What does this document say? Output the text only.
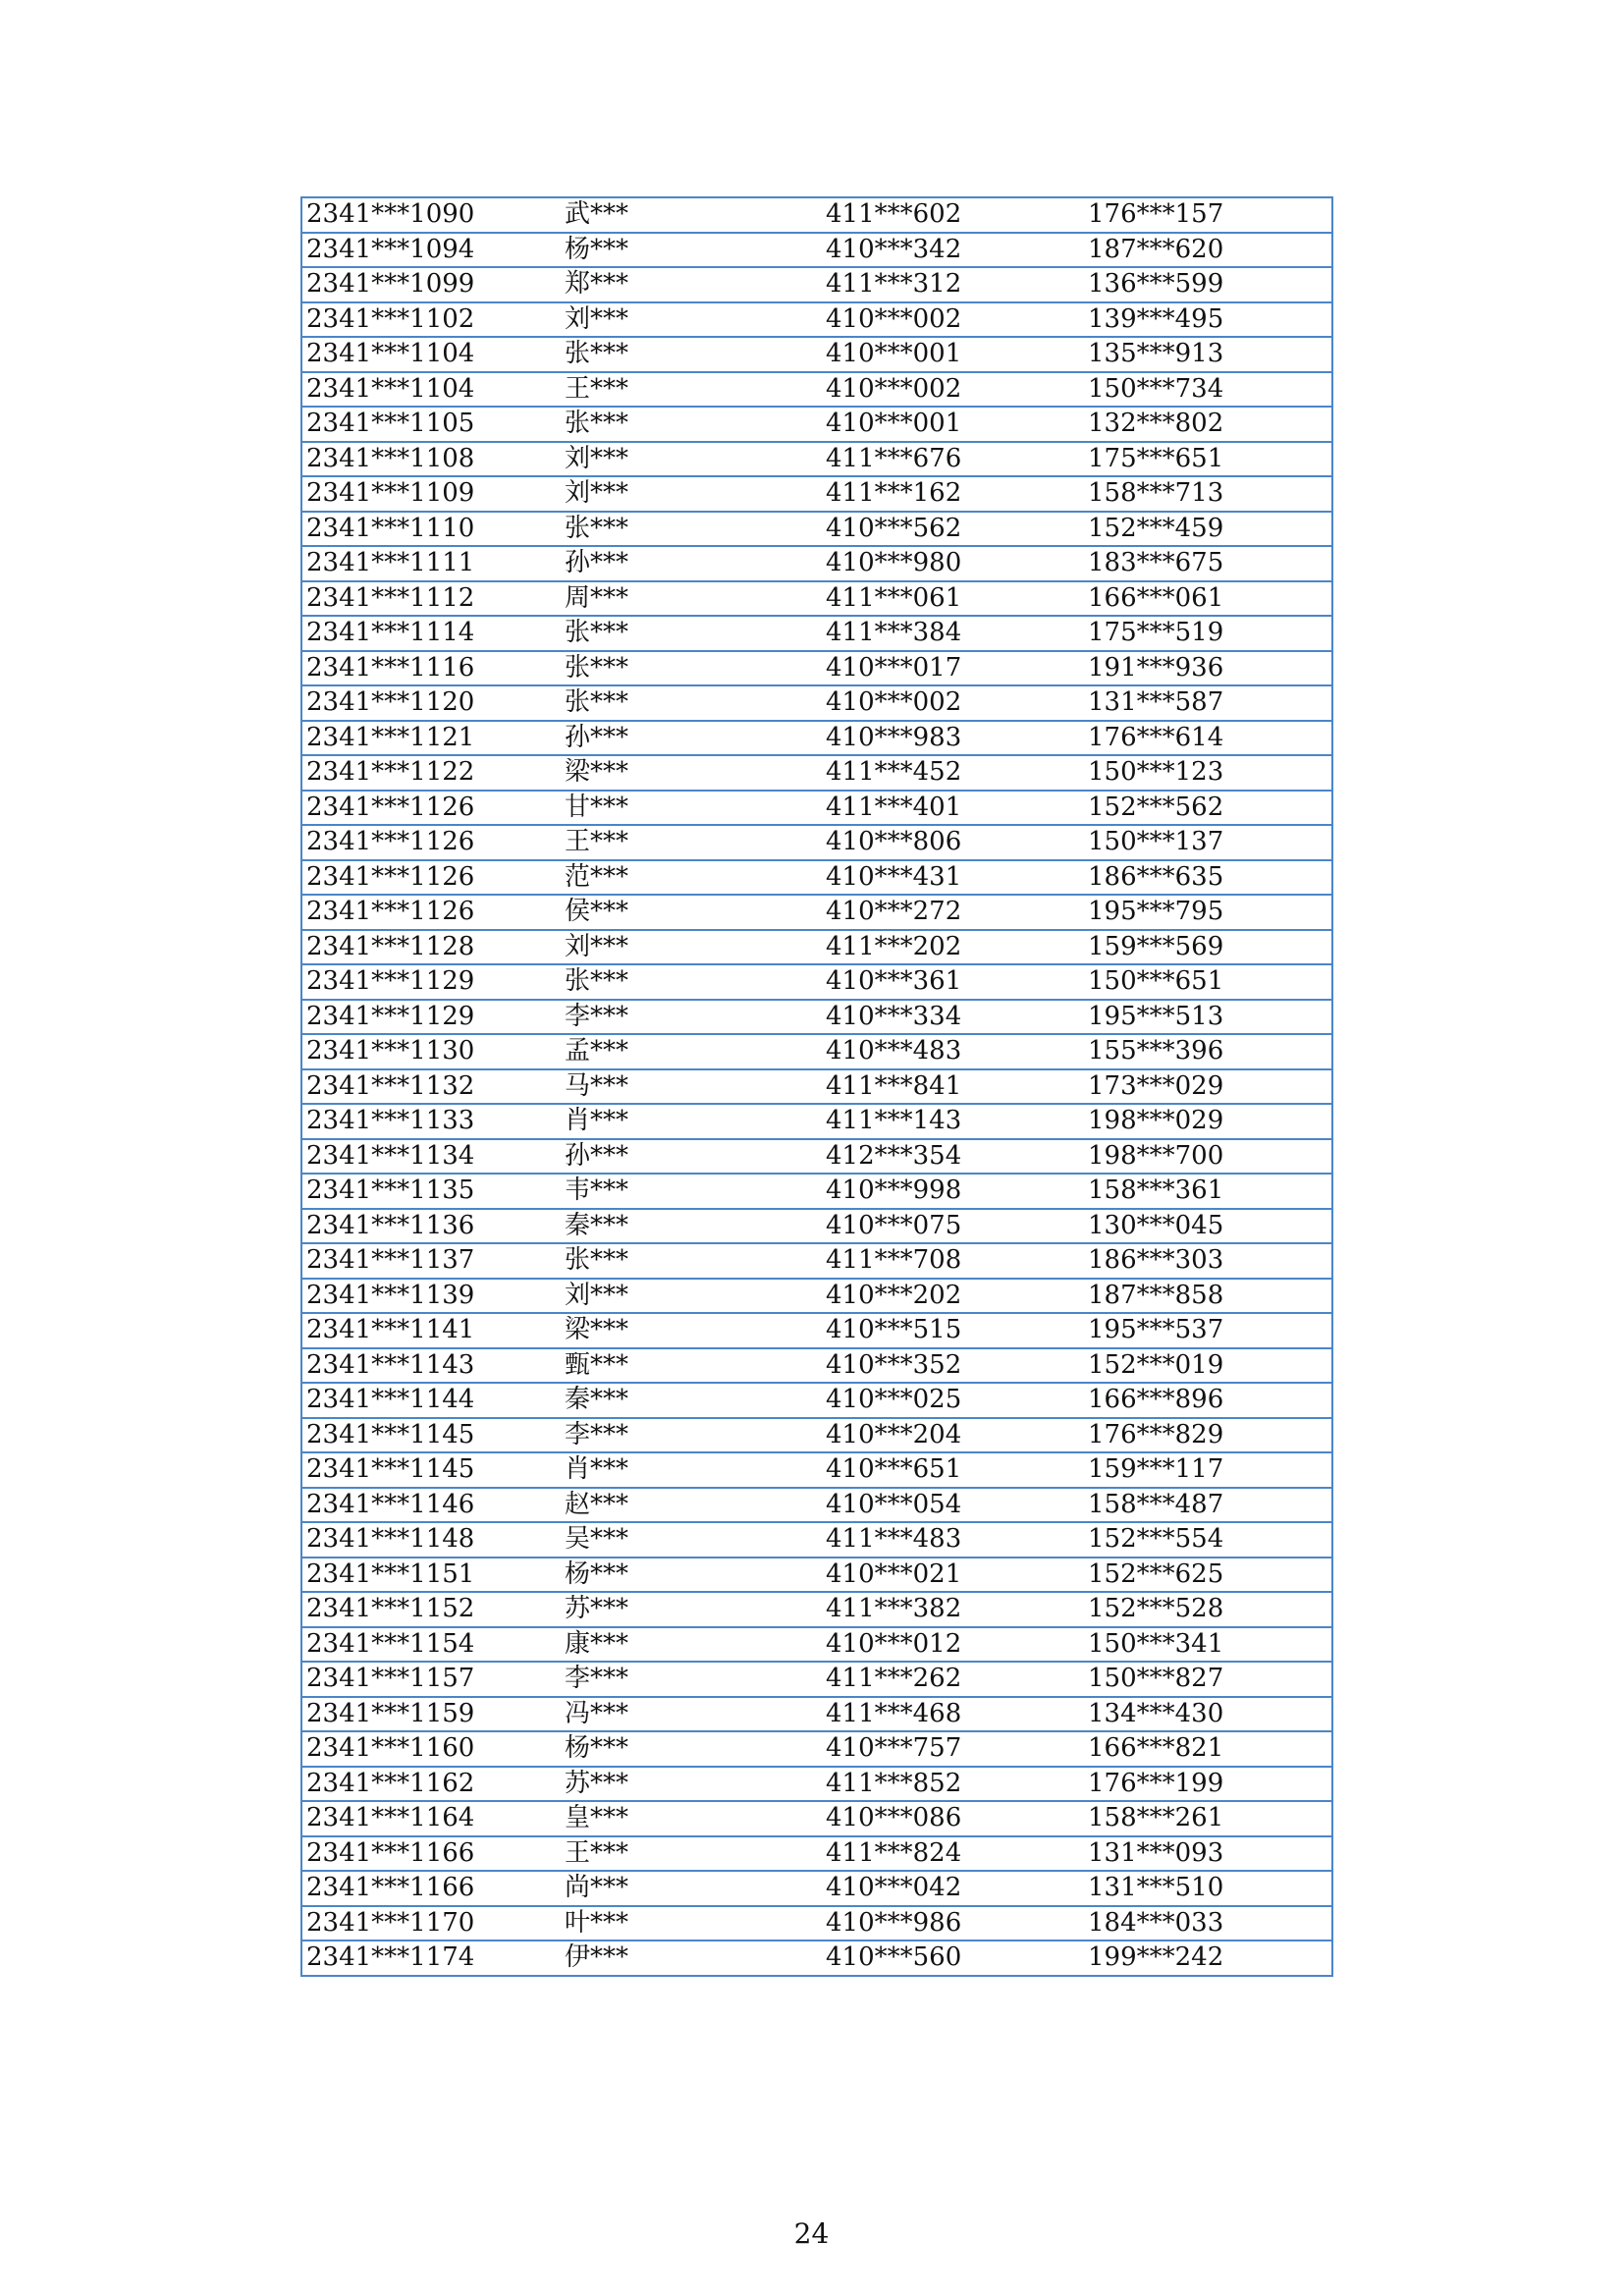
2341***1090	武***	411***602	176***157
2341***1094	杨***	410***342	187***620
2341***1099	郑***	411***312	136***599
2341***1102	刘***	410***002	139***495
2341***1104	张***	410***001	135***913
2341***1104	王***	410***002	150***734
2341***1105	张***	410***001	132***802
2341***1108	刘***	411***676	175***651
2341***1109	刘***	411***162	158***713
2341***1110	张***	410***562	152***459
2341***1111	孙***	410***980	183***675
2341***1112	周***	411***061	166***061
2341***1114	张***	411***384	175***519
2341***1116	张***	410***017	191***936
2341***1120	张***	410***002	131***587
2341***1121	孙***	410***983	176***614
2341***1122	梁***	411***452	150***123
2341***1126	甘***	411***401	152***562
2341***1126	王***	410***806	150***137
2341***1126	范***	410***431	186***635
2341***1126	侯***	410***272	195***795
2341***1128	刘***	411***202	159***569
2341***1129	张***	410***361	150***651
2341***1129	李***	410***334	195***513
2341***1130	孟***	410***483	155***396
2341***1132	马***	411***841	173***029
2341***1133	肖***	411***143	198***029
2341***1134	孙***	412***354	198***700
2341***1135	韦***	410***998	158***361
2341***1136	秦***	410***075	130***045
2341***1137	张***	411***708	186***303
2341***1139	刘***	410***202	187***858
2341***1141	梁***	410***515	195***537
2341***1143	甄***	410***352	152***019
2341***1144	秦***	410***025	166***896
2341***1145	李***	410***204	176***829
2341***1145	肖***	410***651	159***117
2341***1146	赵***	410***054	158***487
2341***1148	吴***	411***483	152***554
2341***1151	杨***	410***021	152***625
2341***1152	苏***	411***382	152***528
2341***1154	康***	410***012	150***341
2341***1157	李***	411***262	150***827
2341***1159	冯***	411***468	134***430
2341***1160	杨***	410***757	166***821
2341***1162	苏***	411***852	176***199
2341***1164	皇***	410***086	158***261
2341***1166	王***	411***824	131***093
2341***1166	尚***	410***042	131***510
2341***1170	叶***	410***986	184***033
2341***1174	伊***	410***560	199***242
24
